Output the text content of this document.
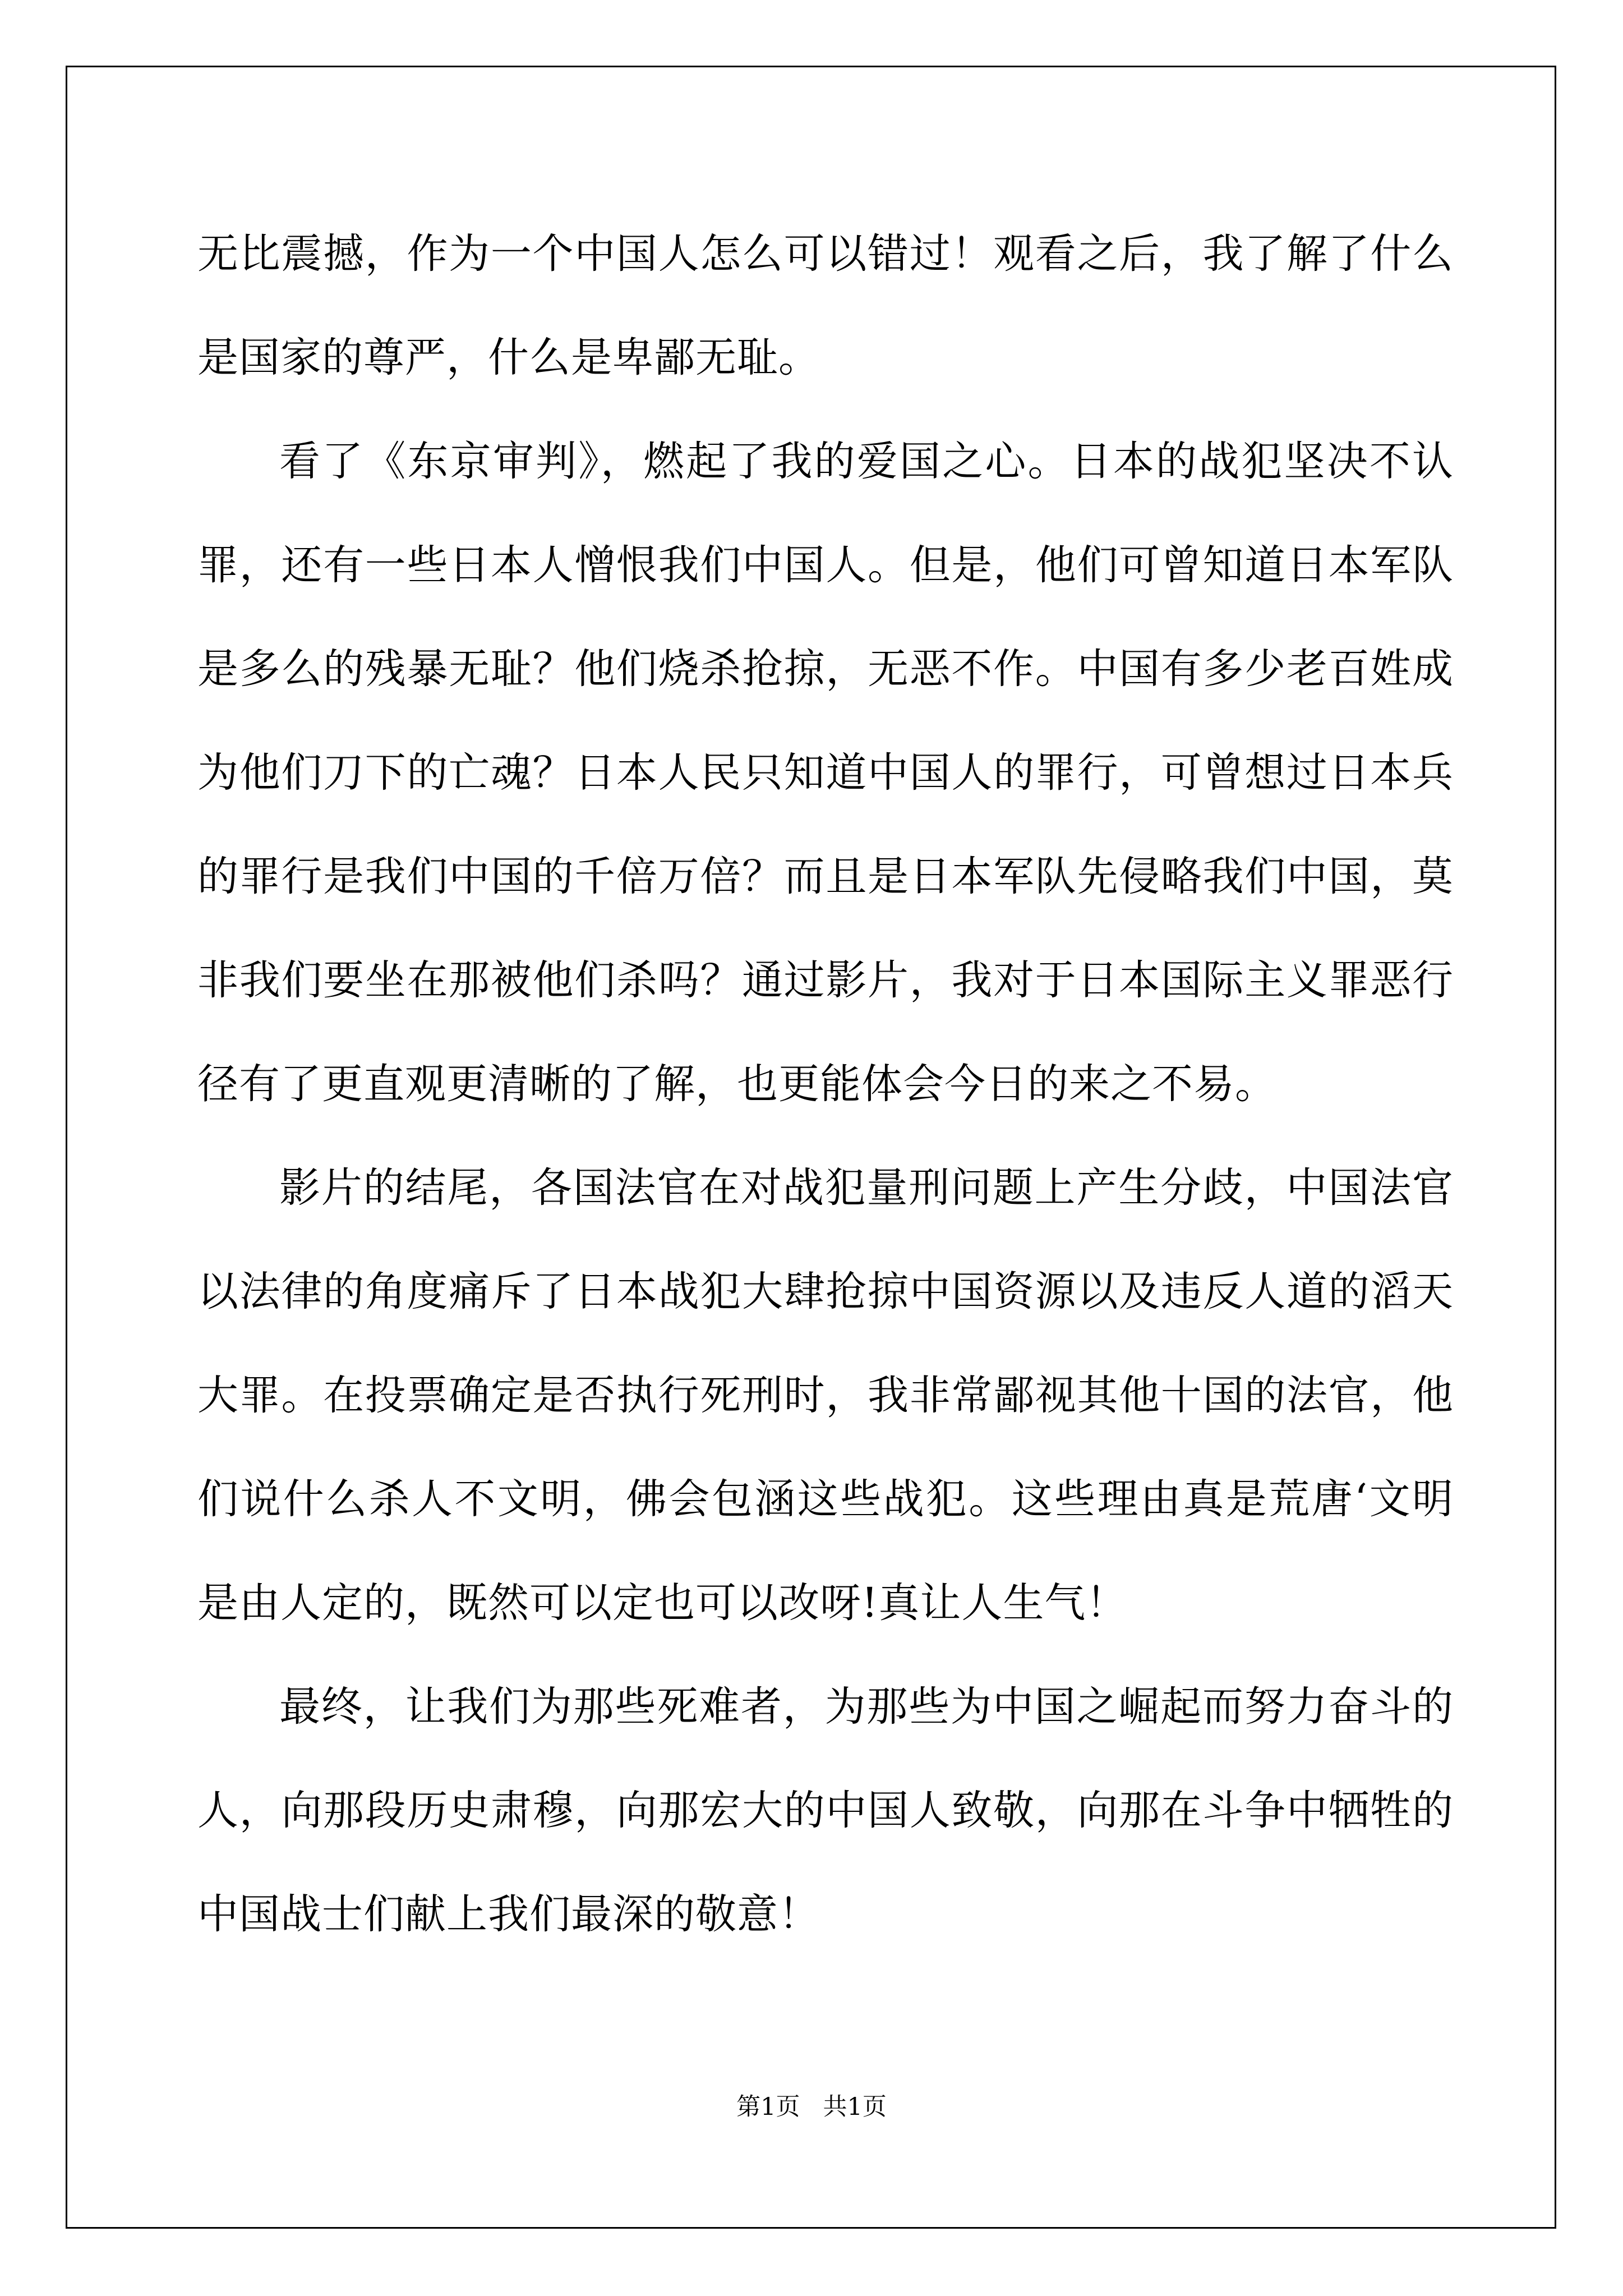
无比震撼，作为一个中国人怎么可以错过！观看之后，我了解了什么是国家的尊严，什么是卑鄙无耻。

看了《东京审判》，燃起了我的爱国之心。日本的战犯坚决不认罪，还有一些日本人憎恨我们中国人。但是，他们可曾知道日本军队是多么的残暴无耻？他们烧杀抢掠，无恶不作。中国有多少老百姓成为他们刀下的亡魂？日本人民只知道中国人的罪行，可曾想过日本兵的罪行是我们中国的千倍万倍？而且是日本军队先侵略我们中国，莫非我们要坐在那被他们杀吗？通过影片，我对于日本国际主义罪恶行径有了更直观更清晰的了解，也更能体会今日的来之不易。

影片的结尾，各国法官在对战犯量刑问题上产生分歧，中国法官以法律的角度痛斥了日本战犯大肆抢掠中国资源以及违反人道的滔天大罪。在投票确定是否执行死刑时，我非常鄙视其他十国的法官，他们说什么杀人不文明，佛会包涵这些战犯。这些理由真是荒唐‘文明是由人定的，既然可以定也可以改呀!真让人生气！

最终，让我们为那些死难者，为那些为中国之崛起而努力奋斗的人，向那段历史肃穆，向那宏大的中国人致敬，向那在斗争中牺牲的中国战士们献上我们最深的敬意！

第1页   共1页
